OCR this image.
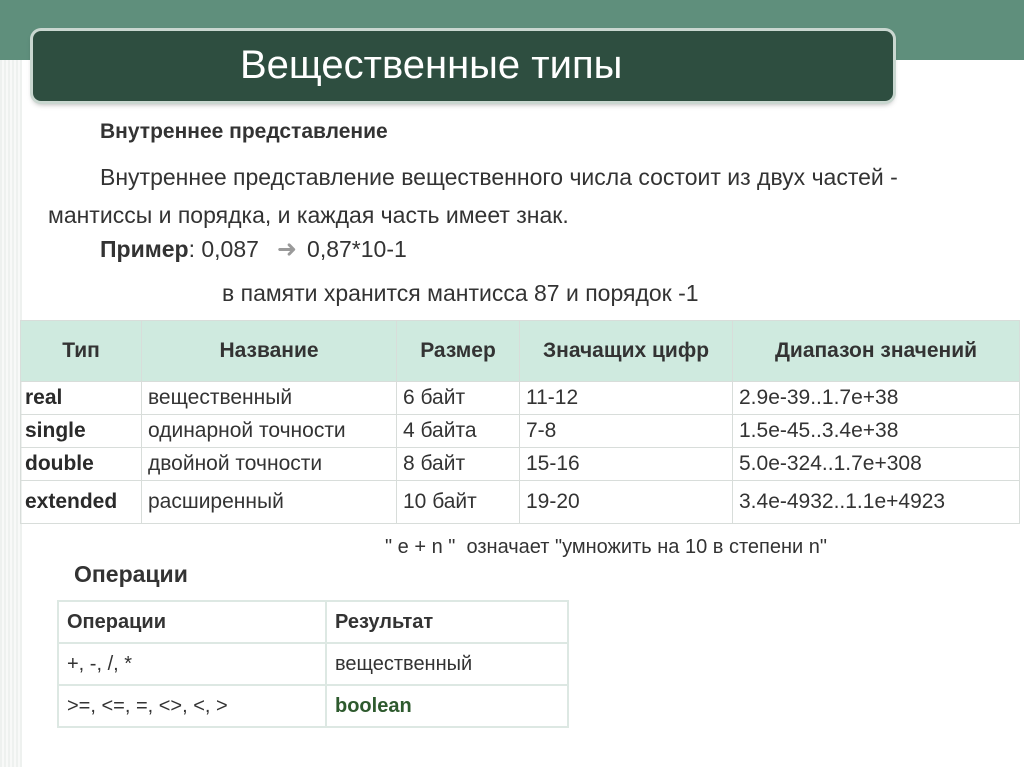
Вещественные типы
Внутреннее представление
Внутреннее представление вещественного числа состоит из двух частей - мантиссы и порядка, и каждая часть имеет знак.
Пример: 0,087 ➜ 0,87*10-1
в памяти хранится мантисса 87 и порядок -1
Тип	Название	Размер	Значащих цифр	Диапазон значений
real	вещественный	6 байт	11-12	2.9e-39..1.7e+38
single	одинарной точности	4 байта	7-8	1.5e-45..3.4e+38
double	двойной точности	8 байт	15-16	5.0e-324..1.7e+308
extended	расширенный	10 байт	19-20	3.4e-4932..1.1e+4923
" e + n "  означает "умножить на 10 в степени n"
Операции
Операции	Результат
+, -, /, *	вещественный
>=, <=, =, <>, <, >	boolean
